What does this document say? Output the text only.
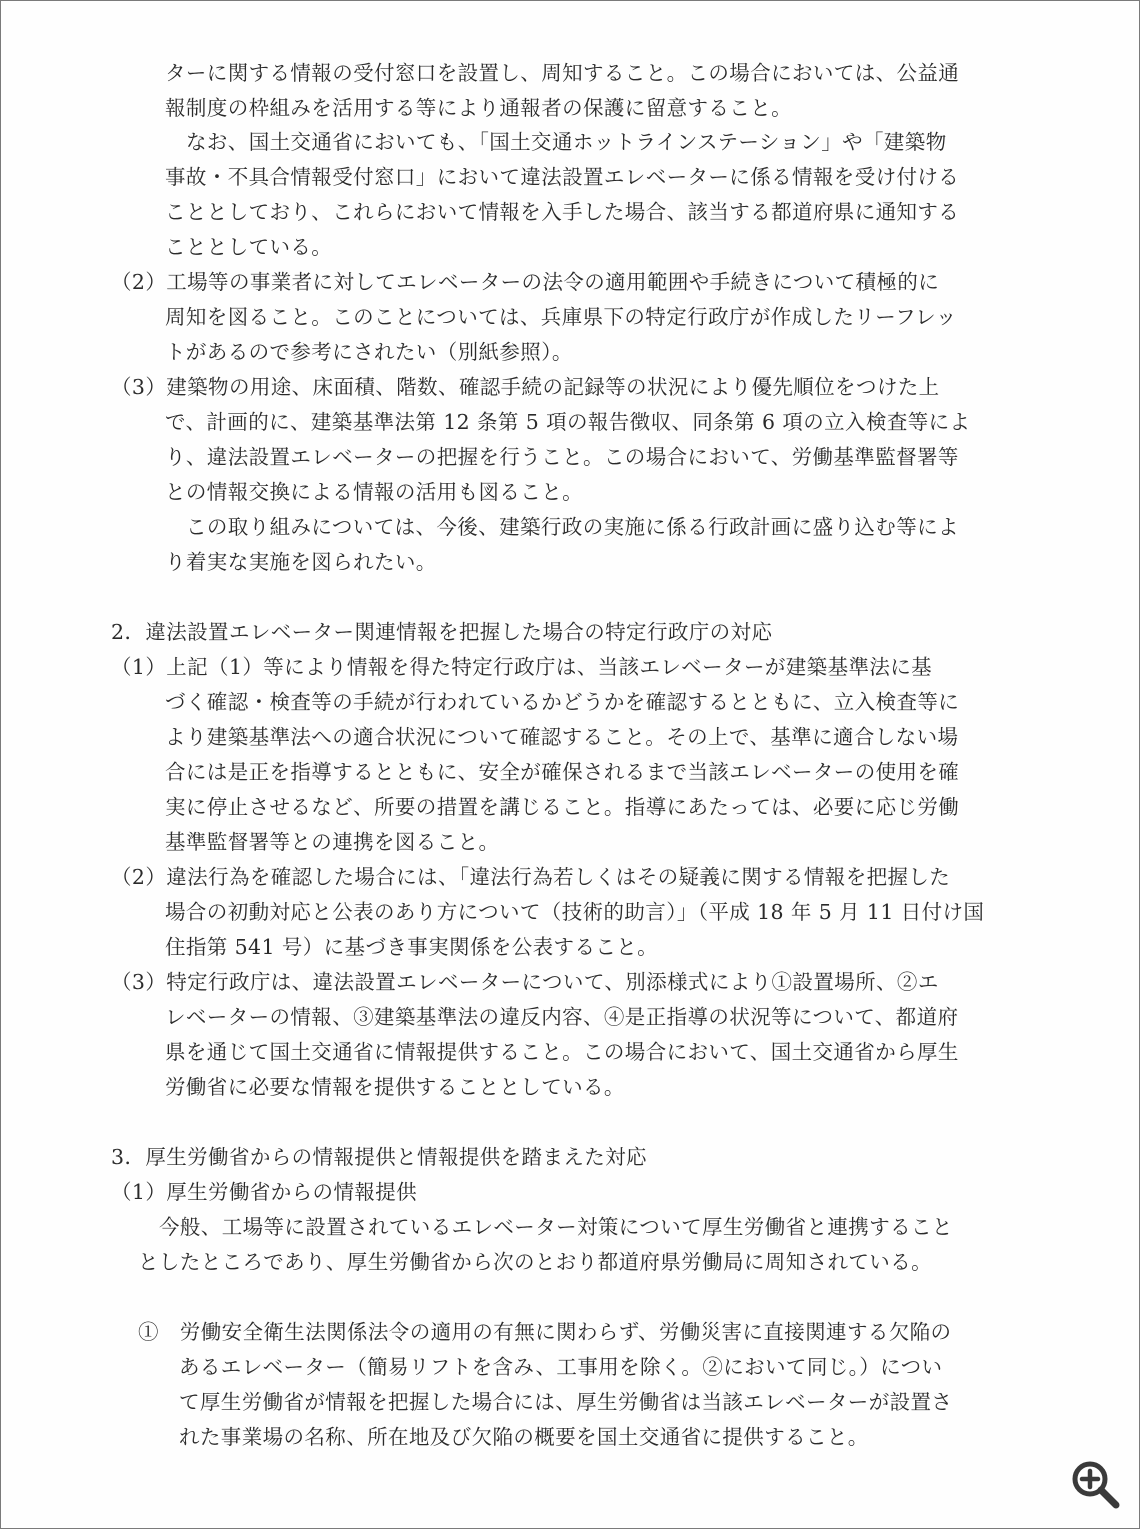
ターに関する情報の受付窓口を設置し、周知すること。この場合においては、公益通
報制度の枠組みを活用する等により通報者の保護に留意すること。
なお、国土交通省においても、「国土交通ホットラインステーション」や「建築物
事故・不具合情報受付窓口」において違法設置エレベーターに係る情報を受け付ける
こととしており、これらにおいて情報を入手した場合、該当する都道府県に通知する
こととしている。
（2）工場等の事業者に対してエレベーターの法令の適用範囲や手続きについて積極的に
周知を図ること。このことについては、兵庫県下の特定行政庁が作成したリーフレッ
トがあるので参考にされたい（別紙参照）。
（3）建築物の用途、床面積、階数、確認手続の記録等の状況により優先順位をつけた上
で、計画的に、建築基準法第 12 条第 5 項の報告徴収、同条第 6 項の立入検査等によ
り、違法設置エレベーターの把握を行うこと。この場合において、労働基準監督署等
との情報交換による情報の活用も図ること。
この取り組みについては、今後、建築行政の実施に係る行政計画に盛り込む等によ
り着実な実施を図られたい。
2．違法設置エレベーター関連情報を把握した場合の特定行政庁の対応
（1）上記（1）等により情報を得た特定行政庁は、当該エレベーターが建築基準法に基
づく確認・検査等の手続が行われているかどうかを確認するとともに、立入検査等に
より建築基準法への適合状況について確認すること。その上で、基準に適合しない場
合には是正を指導するとともに、安全が確保されるまで当該エレベーターの使用を確
実に停止させるなど、所要の措置を講じること。指導にあたっては、必要に応じ労働
基準監督署等との連携を図ること。
（2）違法行為を確認した場合には、「違法行為若しくはその疑義に関する情報を把握した
場合の初動対応と公表のあり方について（技術的助言）」（平成 18 年 5 月 11 日付け国
住指第 541 号）に基づき事実関係を公表すること。
（3）特定行政庁は、違法設置エレベーターについて、別添様式により①設置場所、②エ
レベーターの情報、③建築基準法の違反内容、④是正指導の状況等について、都道府
県を通じて国土交通省に情報提供すること。この場合において、国土交通省から厚生
労働省に必要な情報を提供することとしている。
3．厚生労働省からの情報提供と情報提供を踏まえた対応
（1）厚生労働省からの情報提供
今般、工場等に設置されているエレベーター対策について厚生労働省と連携すること
としたところであり、厚生労働省から次のとおり都道府県労働局に周知されている。
①　労働安全衛生法関係法令の適用の有無に関わらず、労働災害に直接関連する欠陥の
あるエレベーター（簡易リフトを含み、工事用を除く。②において同じ。）につい
て厚生労働省が情報を把握した場合には、厚生労働省は当該エレベーターが設置さ
れた事業場の名称、所在地及び欠陥の概要を国土交通省に提供すること。
